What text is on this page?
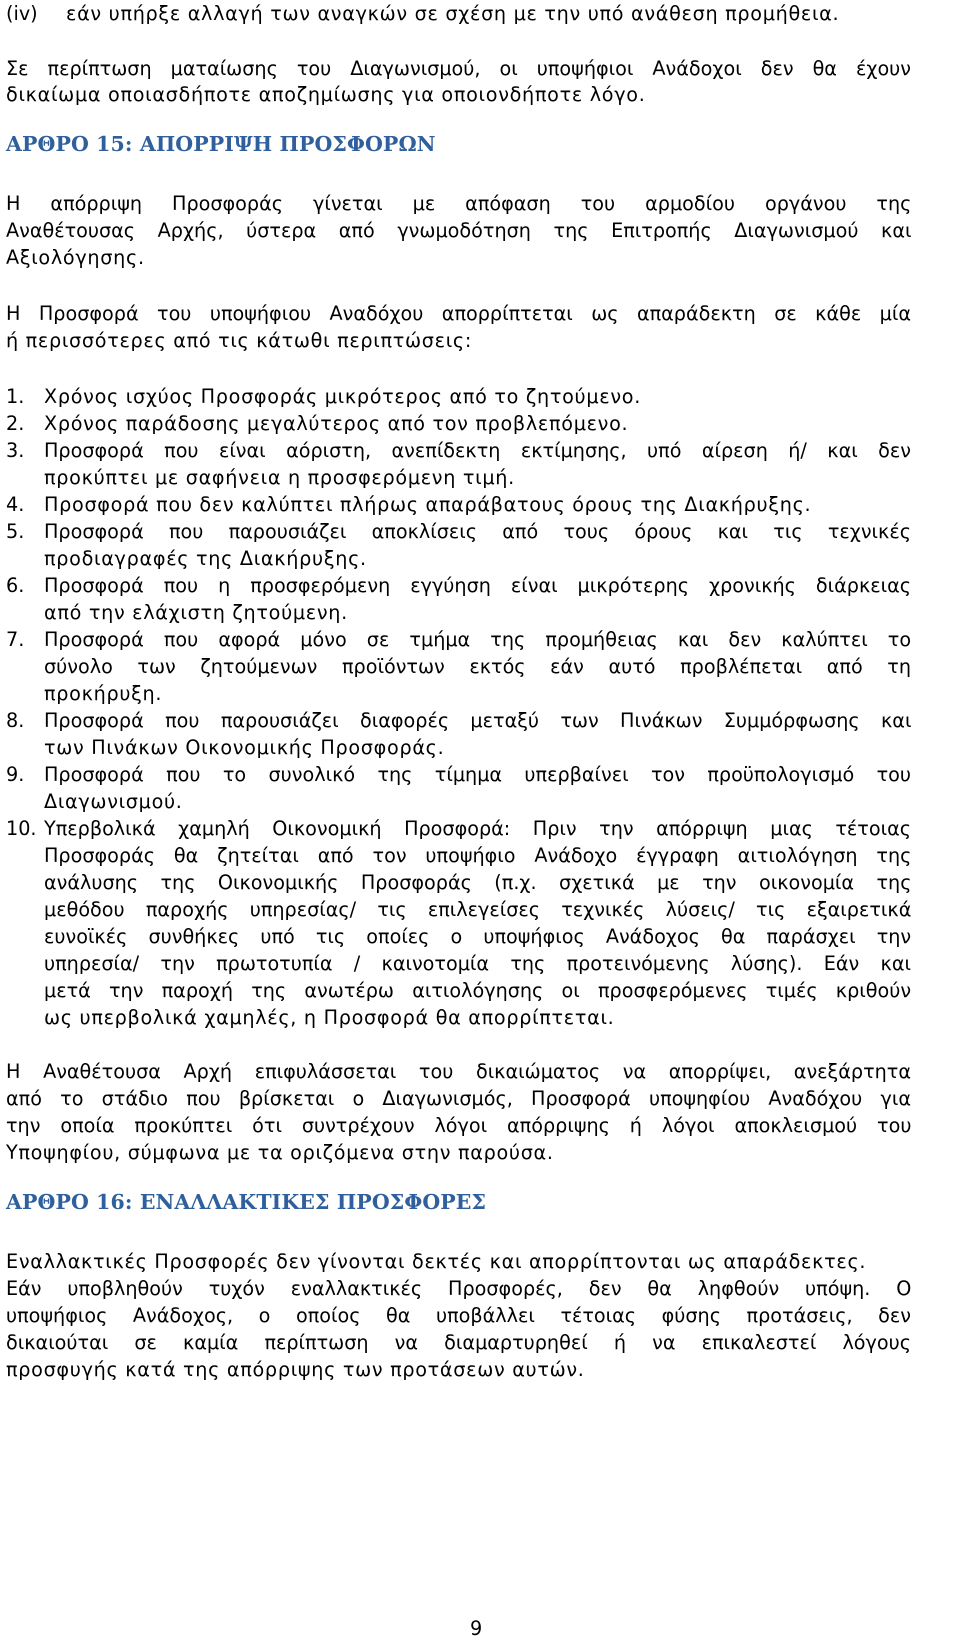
(iv) εάν υπήρξε αλλαγή των αναγκών σε σχέση με την υπό ανάθεση προμήθεια.
Σε περίπτωση ματαίωσης του Διαγωνισμού, οι υποψήφιοι Ανάδοχοι δεν θα έχουν
δικαίωμα οποιασδήποτε αποζημίωσης για οποιονδήποτε λόγο.
ΑΡΘΡΟ 15: ΑΠΟΡΡΙΨΗ ΠΡΟΣΦΟΡΩΝ
Η απόρριψη Προσφοράς γίνεται με απόφαση του αρμοδίου οργάνου της
Αναθέτουσας Αρχής, ύστερα από γνωμοδότηση της Επιτροπής Διαγωνισμού και
Αξιολόγησης.
Η Προσφορά του υποψήφιου Αναδόχου απορρίπτεται ως απαράδεκτη σε κάθε μία
ή περισσότερες από τις κάτωθι περιπτώσεις:
1. Χρόνος ισχύος Προσφοράς μικρότερος από το ζητούμενο.
2. Χρόνος παράδοσης μεγαλύτερος από τον προβλεπόμενο.
3. Προσφορά που είναι αόριστη, ανεπίδεκτη εκτίμησης, υπό αίρεση ή/ και δεν
προκύπτει με σαφήνεια η προσφερόμενη τιμή.
4. Προσφορά που δεν καλύπτει πλήρως απαράβατους όρους της Διακήρυξης.
5. Προσφορά που παρουσιάζει αποκλίσεις από τους όρους και τις τεχνικές
προδιαγραφές της Διακήρυξης.
6. Προσφορά που η προσφερόμενη εγγύηση είναι μικρότερης χρονικής διάρκειας
από την ελάχιστη ζητούμενη.
7. Προσφορά που αφορά μόνο σε τμήμα της προμήθειας και δεν καλύπτει το
σύνολο των ζητούμενων προϊόντων εκτός εάν αυτό προβλέπεται από τη
προκήρυξη.
8. Προσφορά που παρουσιάζει διαφορές μεταξύ των Πινάκων Συμμόρφωσης και
των Πινάκων Οικονομικής Προσφοράς.
9. Προσφορά που το συνολικό της τίμημα υπερβαίνει τον προϋπολογισμό του
Διαγωνισμού.
10. Υπερβολικά χαμηλή Οικονομική Προσφορά: Πριν την απόρριψη μιας τέτοιας
Προσφοράς θα ζητείται από τον υποψήφιο Ανάδοχο έγγραφη αιτιολόγηση της
ανάλυσης της Οικονομικής Προσφοράς (π.χ. σχετικά με την οικονομία της
μεθόδου παροχής υπηρεσίας/ τις επιλεγείσες τεχνικές λύσεις/ τις εξαιρετικά
ευνοϊκές συνθήκες υπό τις οποίες ο υποψήφιος Ανάδοχος θα παράσχει την
υπηρεσία/ την πρωτοτυπία / καινοτομία της προτεινόμενης λύσης). Εάν και
μετά την παροχή της ανωτέρω αιτιολόγησης οι προσφερόμενες τιμές κριθούν
ως υπερβολικά χαμηλές, η Προσφορά θα απορρίπτεται.
Η Αναθέτουσα Αρχή επιφυλάσσεται του δικαιώματος να απορρίψει, ανεξάρτητα
από το στάδιο που βρίσκεται ο Διαγωνισμός, Προσφορά υποψηφίου Αναδόχου για
την οποία προκύπτει ότι συντρέχουν λόγοι απόρριψης ή λόγοι αποκλεισμού του
Υποψηφίου, σύμφωνα με τα οριζόμενα στην παρούσα.
ΑΡΘΡΟ 16: ΕΝΑΛΛΑΚΤΙΚΕΣ ΠΡΟΣΦΟΡΕΣ
Εναλλακτικές Προσφορές δεν γίνονται δεκτές και απορρίπτονται ως απαράδεκτες.
Εάν υποβληθούν τυχόν εναλλακτικές Προσφορές, δεν θα ληφθούν υπόψη. Ο
υποψήφιος Ανάδοχος, ο οποίος θα υποβάλλει τέτοιας φύσης προτάσεις, δεν
δικαιούται σε καμία περίπτωση να διαμαρτυρηθεί ή να επικαλεστεί λόγους
προσφυγής κατά της απόρριψης των προτάσεων αυτών.
9
